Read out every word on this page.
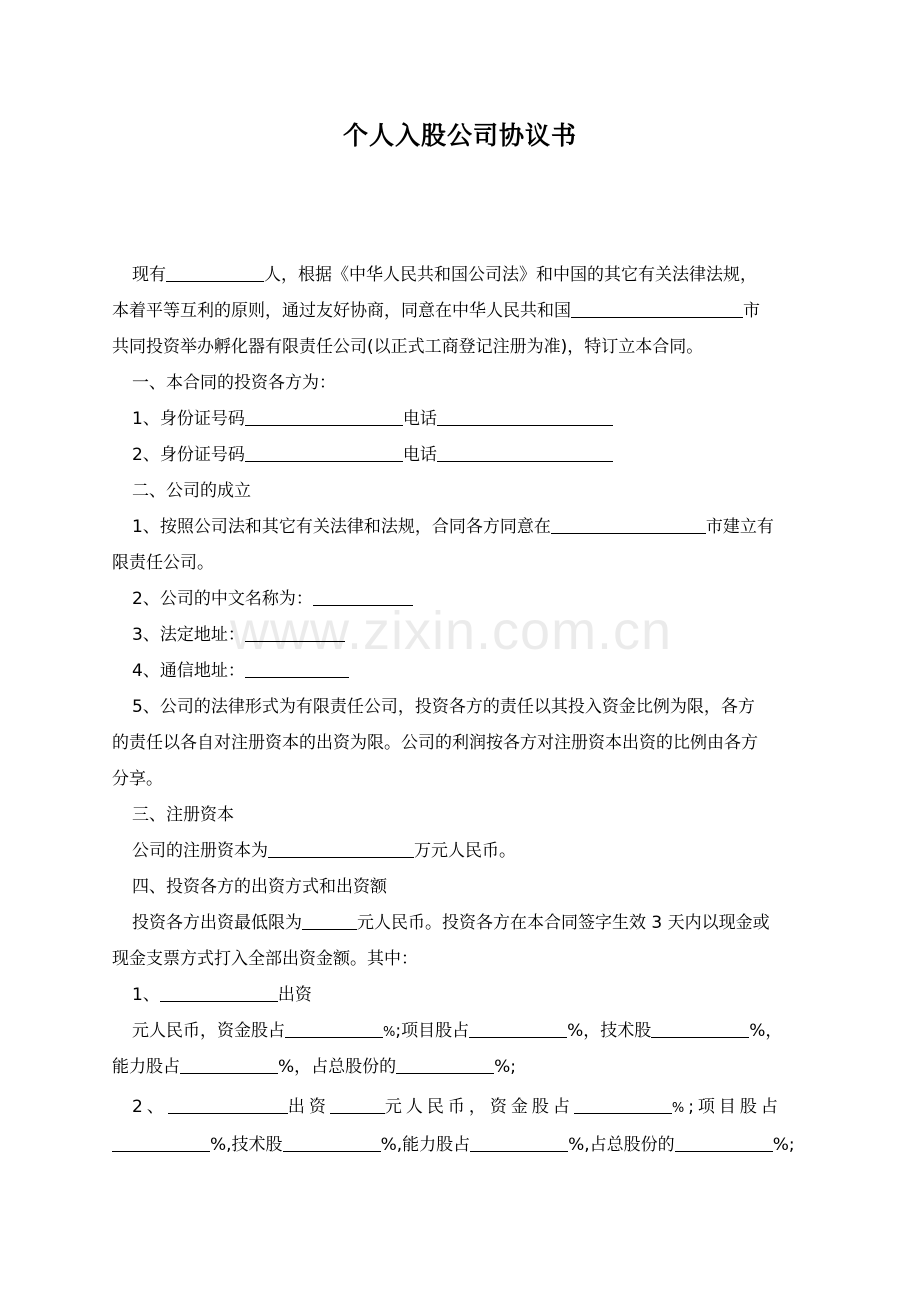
个人入股公司协议书
www.zixin.com.cn
现有	人，根据《中华人民共和国公司法》和中国的其它有关法律法规，
本着平等互利的原则，通过友好协商，同意在中华人民共和国	市
共同投资举办孵化器有限责任公司(以正式工商登记注册为准)，特订立本合同。
一、本合同的投资各方为：
1、身份证号码	电话
2、身份证号码	电话
二、公司的成立
1、按照公司法和其它有关法律和法规，合同各方同意在	市建立有
限责任公司。
2、公司的中文名称为：
3、法定地址：
4、通信地址：
5、公司的法律形式为有限责任公司，投资各方的责任以其投入资金比例为限，各方
的责任以各自对注册资本的出资为限。公司的利润按各方对注册资本出资的比例由各方
分享。
三、注册资本
公司的注册资本为	万元人民币。
四、投资各方的出资方式和出资额
投资各方出资最低限为	元人民币。投资各方在本合同签字生效 3 天内以现金或
现金支票方式打入全部出资金额。其中：
1、	出资
元人民币，资金股占	%;项目股占	%，技术股	%，
能力股占	%，占总股份的	%;
2、	出资	元人民币，资金股占	%;项目股占
%,技术股	%,能力股占	%,占总股份的	%;
